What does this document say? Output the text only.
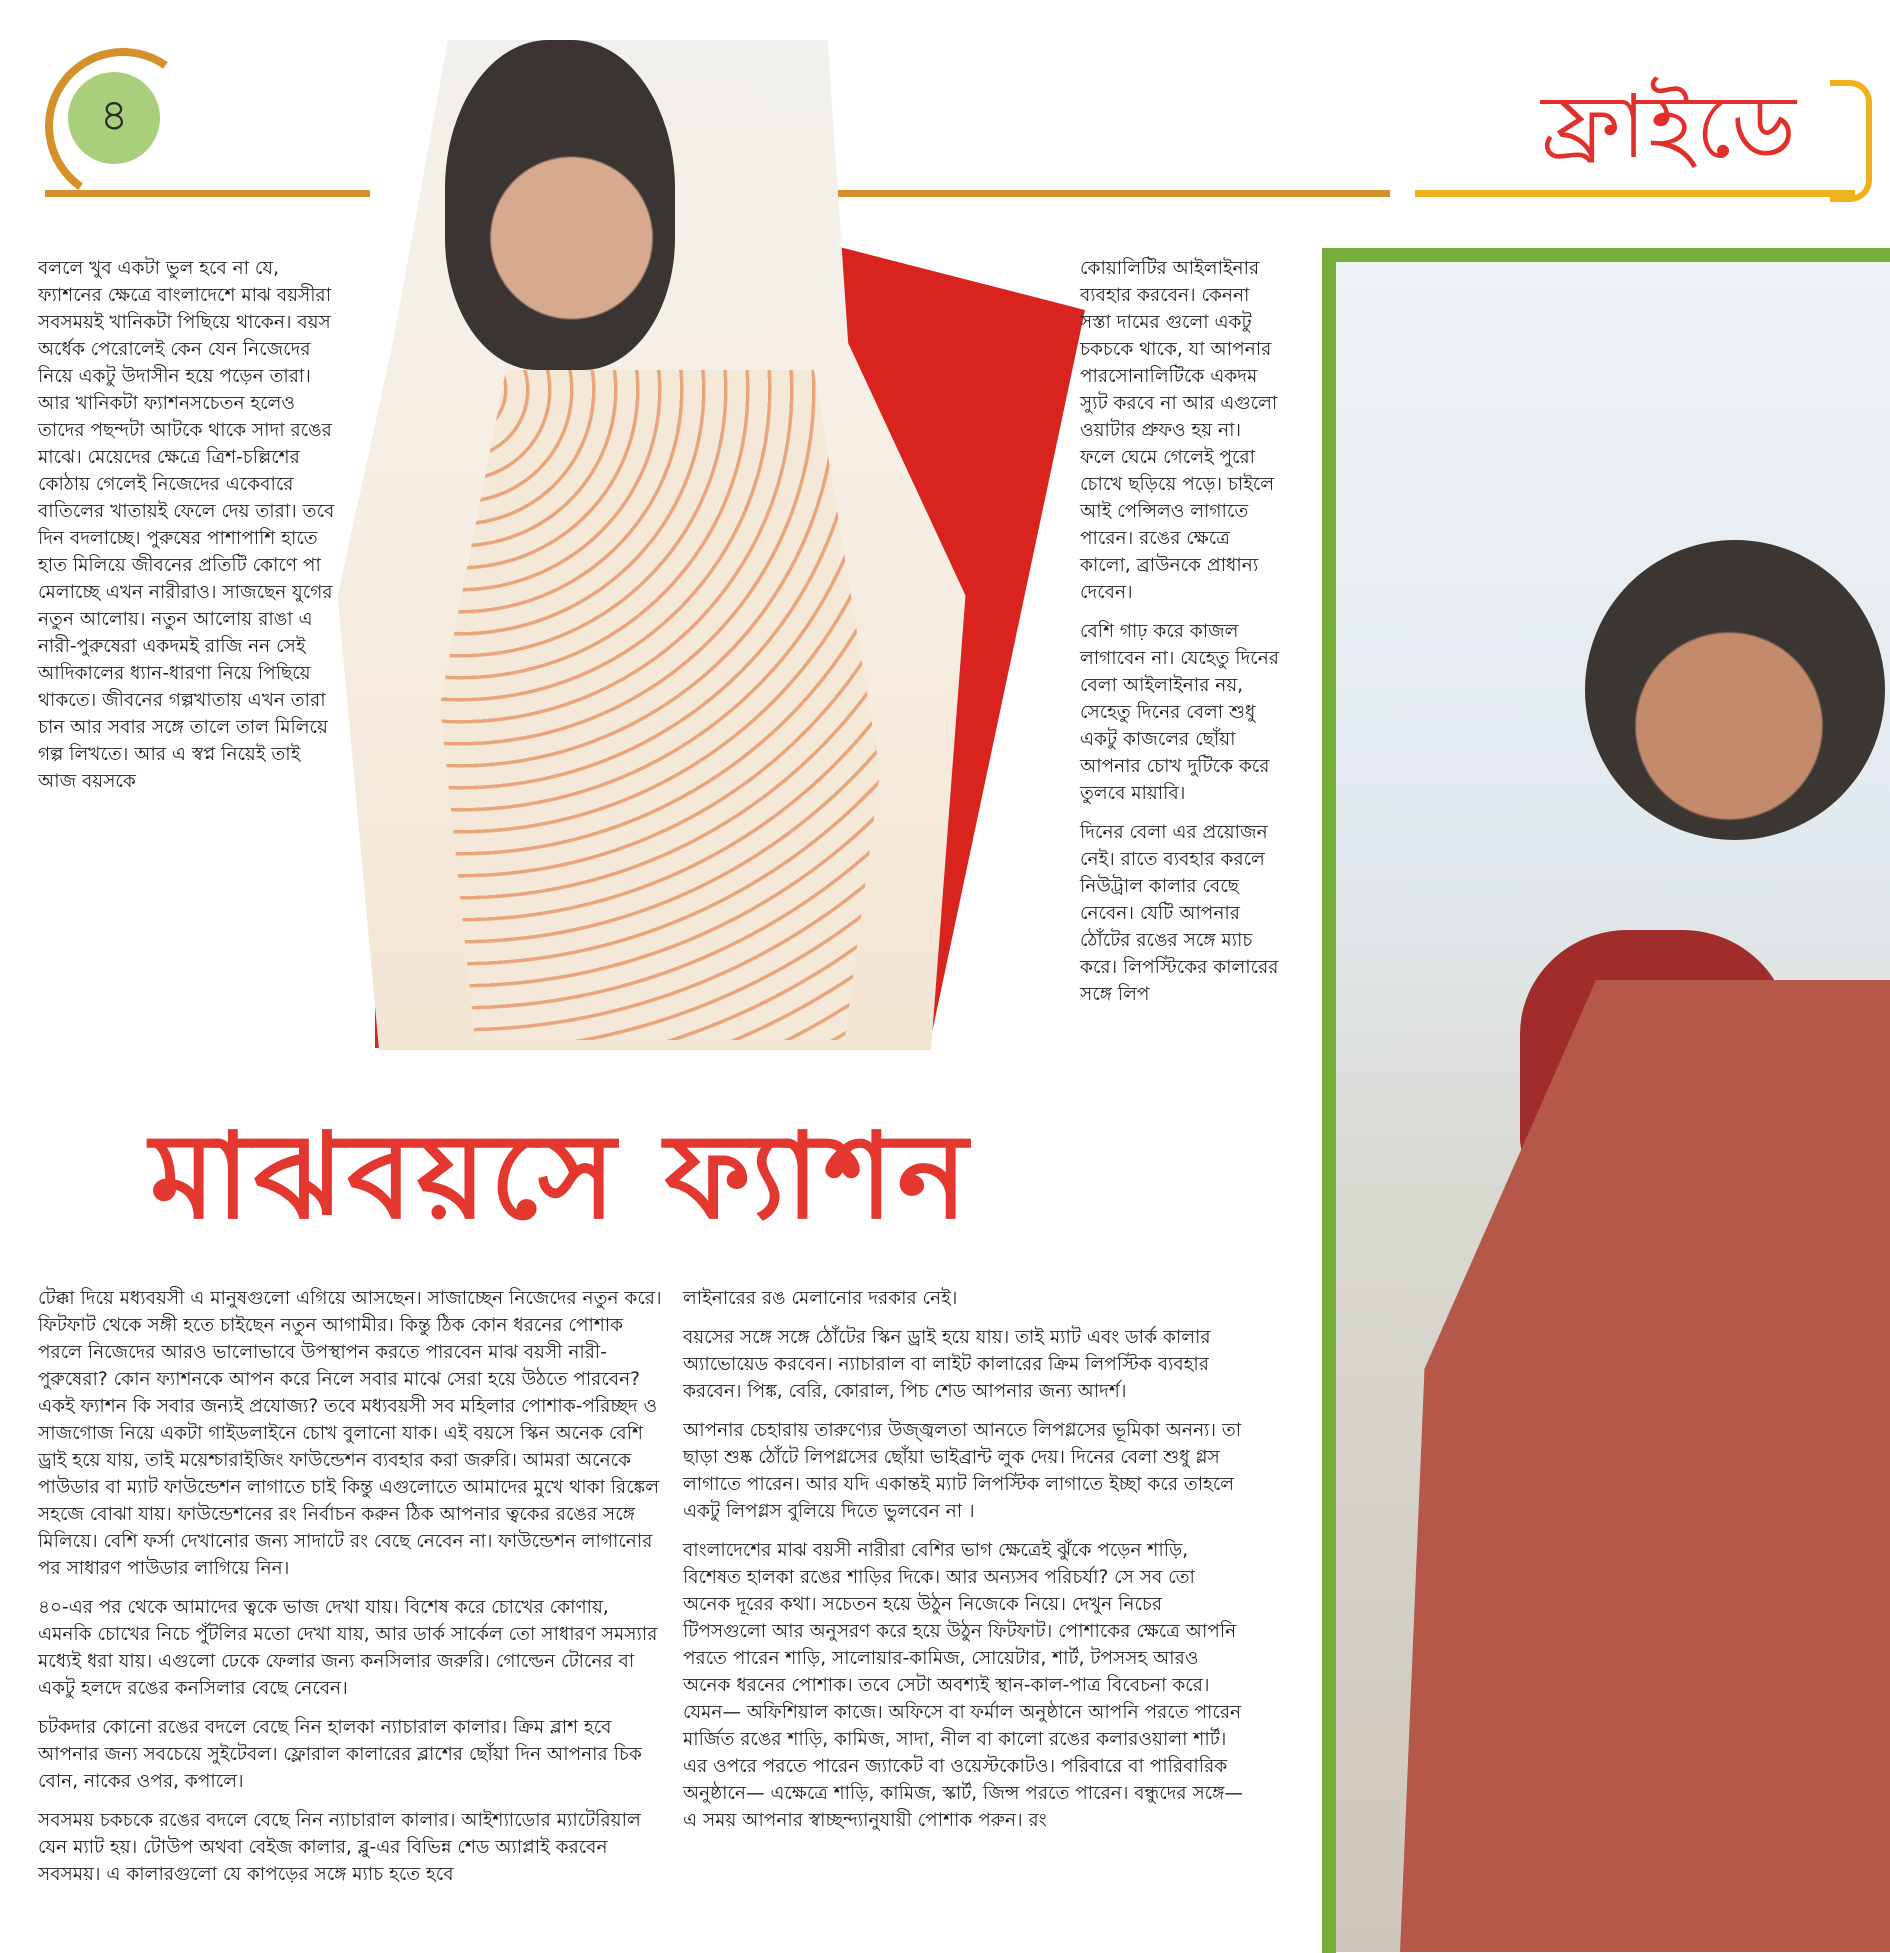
৪	ফ্রাইডে

বললে খুব একটা ভুল হবে না যে, ফ্যাশনের ক্ষেত্রে বাংলাদেশে মাঝ বয়সীরা সবসময়ই খানিকটা পিছিয়ে থাকেন। বয়স অর্ধেক পেরোলেই কেন যেন নিজেদের নিয়ে একটু উদাসীন হয়ে পড়েন তারা। আর খানিকটা ফ্যাশনসচেতন হলেও তাদের পছন্দটা আটকে থাকে সাদা রঙের মাঝে। মেয়েদের ক্ষেত্রে ত্রিশ-চল্লিশের কোঠায় গেলেই নিজেদের একেবারে বাতিলের খাতায়ই ফেলে দেয় তারা। তবে দিন বদলাচ্ছে। পুরুষের পাশাপাশি হাতে হাত মিলিয়ে জীবনের প্রতিটি কোণে পা মেলাচ্ছে এখন নারীরাও। সাজছেন যুগের নতুন আলোয়। নতুন আলোয় রাঙা এ নারী-পুরুষেরা একদমই রাজি নন সেই আদিকালের ধ্যান-ধারণা নিয়ে পিছিয়ে থাকতে। জীবনের গল্পখাতায় এখন তারা চান আর সবার সঙ্গে তালে তাল মিলিয়ে গল্প লিখতে। আর এ স্বপ্ন নিয়েই তাই আজ বয়সকে

কোয়ালিটির আইলাইনার ব্যবহার করবেন। কেননা সস্তা দামের গুলো একটু চকচকে থাকে, যা আপনার পারসোনালিটিকে একদম স্যুট করবে না আর এগুলো ওয়াটার প্রুফও হয় না। ফলে ঘেমে গেলেই পুরো চোখে ছড়িয়ে পড়ে। চাইলে আই পেন্সিলও লাগাতে পারেন। রঙের ক্ষেত্রে কালো, ব্রাউনকে প্রাধান্য দেবেন।

বেশি গাঢ় করে কাজল লাগাবেন না। যেহেতু দিনের বেলা আইলাইনার নয়, সেহেতু দিনের বেলা শুধু একটু কাজলের ছোঁয়া আপনার চোখ দুটিকে করে তুলবে মায়াবি।

দিনের বেলা এর প্রয়োজন নেই। রাতে ব্যবহার করলে নিউট্রাল কালার বেছে নেবেন। যেটি আপনার ঠোঁটের রঙের সঙ্গে ম্যাচ করে। লিপস্টিকের কালারের সঙ্গে লিপ

মাঝবয়সে ফ্যাশন

টেক্কা দিয়ে মধ্যবয়সী এ মানুষগুলো এগিয়ে আসছেন। সাজাচ্ছেন নিজেদের নতুন করে। ফিটফাট থেকে সঙ্গী হতে চাইছেন নতুন আগামীর। কিন্তু ঠিক কোন ধরনের পোশাক পরলে নিজেদের আরও ভালোভাবে উপস্থাপন করতে পারবেন মাঝ বয়সী নারী-পুরুষেরা? কোন ফ্যাশনকে আপন করে নিলে সবার মাঝে সেরা হয়ে উঠতে পারবেন? একই ফ্যাশন কি সবার জন্যই প্রযোজ্য? তবে মধ্যবয়সী সব মহিলার পোশাক-পরিচ্ছদ ও সাজগোজ নিয়ে একটা গাইডলাইনে চোখ বুলানো যাক। এই বয়সে স্কিন অনেক বেশি ড্রাই হয়ে যায়, তাই ময়েশ্চারাইজিং ফাউন্ডেশন ব্যবহার করা জরুরি। আমরা অনেকে পাউডার বা ম্যাট ফাউন্ডেশন লাগাতে চাই কিন্তু এগুলোতে আমাদের মুখে থাকা রিঙ্কেল সহজে বোঝা যায়। ফাউন্ডেশনের রং নির্বাচন করুন ঠিক আপনার ত্বকের রঙের সঙ্গে মিলিয়ে। বেশি ফর্সা দেখানোর জন্য সাদাটে রং বেছে নেবেন না। ফাউন্ডেশন লাগানোর পর সাধারণ পাউডার লাগিয়ে নিন।

৪০-এর পর থেকে আমাদের ত্বকে ভাজ দেখা যায়। বিশেষ করে চোখের কোণায়, এমনকি চোখের নিচে পুঁটলির মতো দেখা যায়, আর ডার্ক সার্কেল তো সাধারণ সমস্যার মধ্যেই ধরা যায়। এগুলো ঢেকে ফেলার জন্য কনসিলার জরুরি। গোল্ডেন টোনের বা একটু হলদে রঙের কনসিলার বেছে নেবেন।

চটকদার কোনো রঙের বদলে বেছে নিন হালকা ন্যাচারাল কালার। ক্রিম ব্লাশ হবে আপনার জন্য সবচেয়ে সুইটেবল। ফ্লোরাল কালারের ব্লাশের ছোঁয়া দিন আপনার চিক বোন, নাকের ওপর, কপালে।

সবসময় চকচকে রঙের বদলে বেছে নিন ন্যাচারাল কালার। আইশ্যাডোর ম্যাটেরিয়াল যেন ম্যাট হয়। টোউপ অথবা বেইজ কালার, ব্লু-এর বিভিন্ন শেড অ্যাপ্লাই করবেন সবসময়। এ কালারগুলো যে কাপড়ের সঙ্গে ম্যাচ হতে হবে

লাইনারের রঙ মেলানোর দরকার নেই।

বয়সের সঙ্গে সঙ্গে ঠোঁটের স্কিন ড্রাই হয়ে যায়। তাই ম্যাট এবং ডার্ক কালার অ্যাভোয়েড করবেন। ন্যাচারাল বা লাইট কালারের ক্রিম লিপস্টিক ব্যবহার করবেন। পিঙ্ক, বেরি, কোরাল, পিচ শেড আপনার জন্য আদর্শ।

আপনার চেহারায় তারুণ্যের উজ্জ্বলতা আনতে লিপগ্লসের ভূমিকা অনন্য। তা ছাড়া শুষ্ক ঠোঁটে লিপগ্লসের ছোঁয়া ভাইব্রান্ট লুক দেয়। দিনের বেলা শুধু গ্লস লাগাতে পারেন। আর যদি একান্তই ম্যাট লিপস্টিক লাগাতে ইচ্ছা করে তাহলে একটু লিপগ্লস বুলিয়ে দিতে ভুলবেন না ।

বাংলাদেশের মাঝ বয়সী নারীরা বেশির ভাগ ক্ষেত্রেই ঝুঁকে পড়েন শাড়ি, বিশেষত হালকা রঙের শাড়ির দিকে। আর অন্যসব পরিচর্যা? সে সব তো অনেক দূরের কথা। সচেতন হয়ে উঠুন নিজেকে নিয়ে। দেখুন নিচের টিপসগুলো আর অনুসরণ করে হয়ে উঠুন ফিটফাট। পোশাকের ক্ষেত্রে আপনি পরতে পারেন শাড়ি, সালোয়ার-কামিজ, সোয়েটার, শার্ট, টপসসহ আরও অনেক ধরনের পোশাক। তবে সেটা অবশ্যই স্থান-কাল-পাত্র বিবেচনা করে। যেমন— অফিশিয়াল কাজে। অফিসে বা ফর্মাল অনুষ্ঠানে আপনি পরতে পারেন মার্জিত রঙের শাড়ি, কামিজ, সাদা, নীল বা কালো রঙের কলারওয়ালা শার্ট। এর ওপরে পরতে পারেন জ্যাকেট বা ওয়েস্টকোটও। পরিবারে বা পারিবারিক অনুষ্ঠানে— এক্ষেত্রে শাড়ি, কামিজ, স্কার্ট, জিন্স পরতে পারেন। বন্ধুদের সঙ্গে— এ সময় আপনার স্বাচ্ছন্দ্যানুযায়ী পোশাক পরুন। রং
